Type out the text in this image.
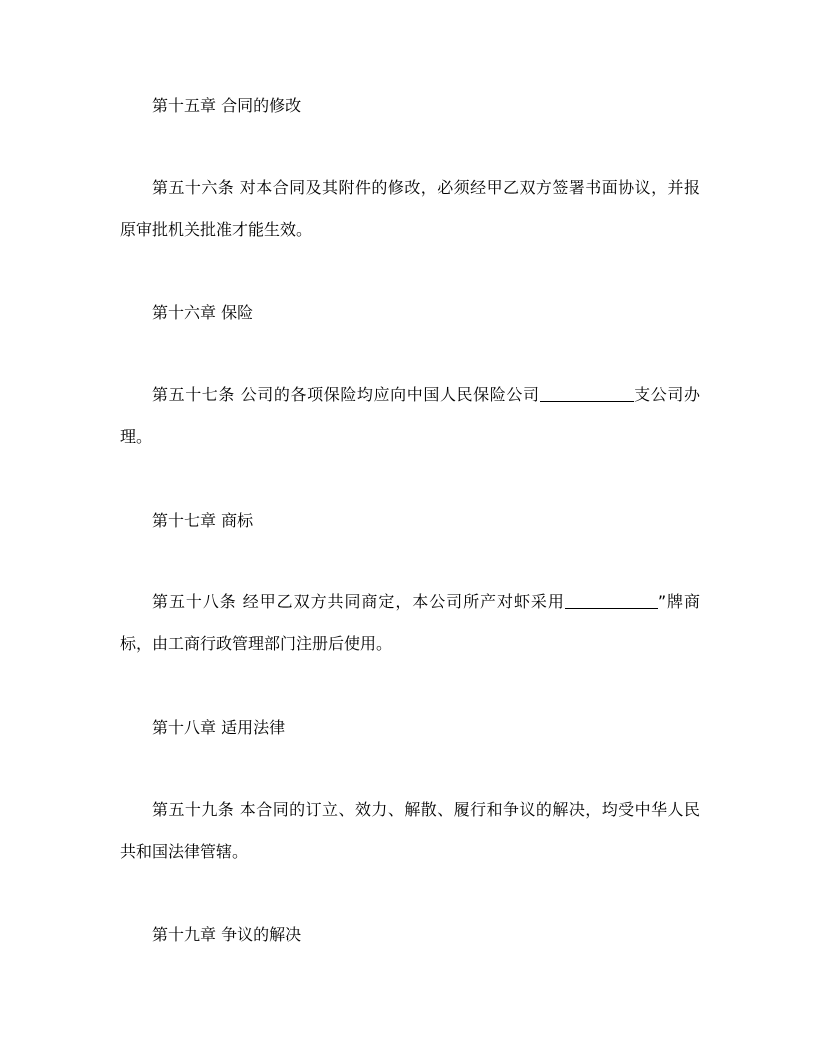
第十五章 合同的修改
第五十六条 对本合同及其附件的修改，必须经甲乙双方签署书面协议，并报原审批机关批准才能生效。
第十六章 保险
第五十七条 公司的各项保险均应向中国人民保险公司	支公司办理。
第十七章 商标
第五十八条 经甲乙双方共同商定，本公司所产对虾采用	”牌商标，由工商行政管理部门注册后使用。
第十八章 适用法律
第五十九条 本合同的订立、效力、解散、履行和争议的解决，均受中华人民共和国法律管辖。
第十九章 争议的解决
